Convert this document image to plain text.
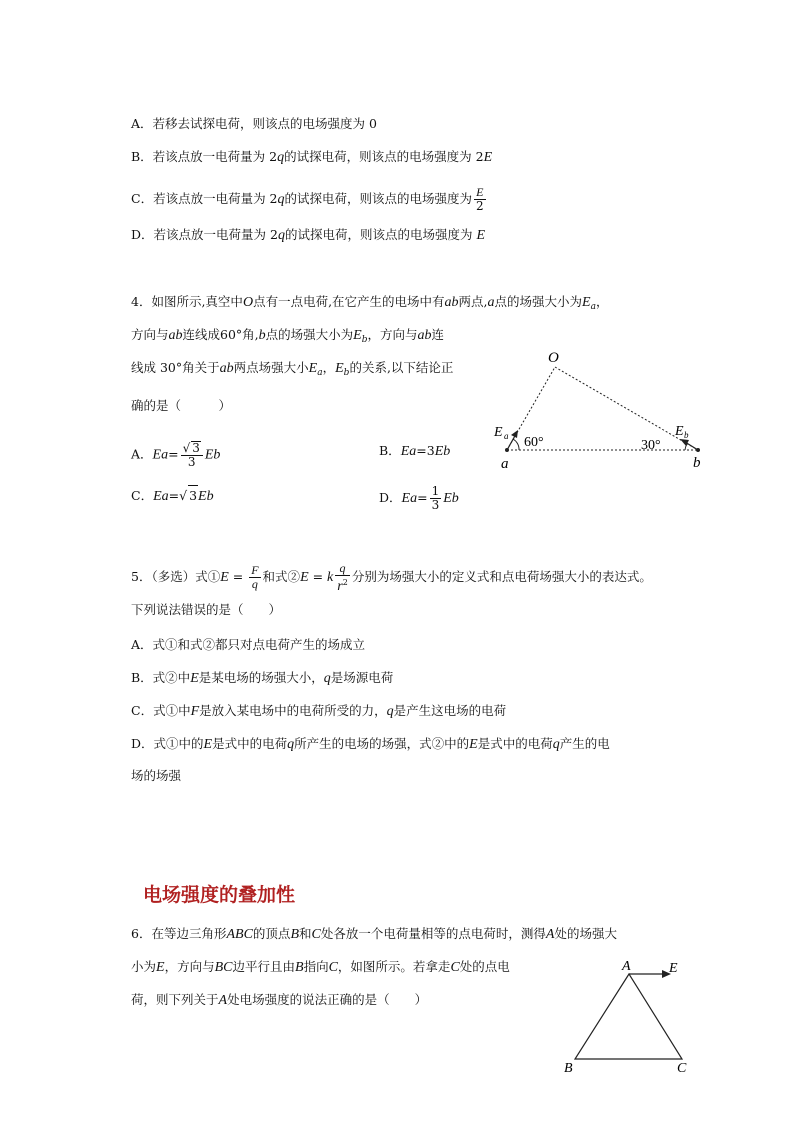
A．若移去试探电荷，则该点的电场强度为 0
B．若该点放一电荷量为 2q的试探电荷，则该点的电场强度为 2E
C．若该点放一电荷量为 2q的试探电荷，则该点的电场强度为 $\frac{E}{2}$
D．若该点放一电荷量为 2q的试探电荷，则该点的电场强度为 E
4．如图所示,真空中O点有一点电荷,在它产生的电场中有ab两点,a点的场强大小为$E_a$，
方向与ab连线成60°角,b点的场强大小为$E_b$，方向与ab连
线成 30°角关于ab两点场强大小$E_a$，$E_b$的关系,以下结论正
确的是（　　　）
A．$Ea= \frac{√ 3}{3}$ Eb	B．Ea=3Eb
C．Ea=√ 3Eb	D．$Ea= \frac{1}{3}$ Eb
O
E a 60°	30°
E b
a	b
5．（多选）式①E = $\frac{F}{q}$ 和式②E = k $\frac{q}{r^2}$ 分别为场强大小的定义式和点电荷场强大小的表达式。
下列说法错误的是（　　）
A．式①和式②都只对点电荷产生的场成立
B．式②中E是某电场的场强大小，q是场源电荷
C．式①中F是放入某电场中的电荷所受的力，q是产生这电场的电荷
D．式①中的E是式中的电荷q所产生的电场的场强，式②中的E是式中的电荷q产生的电
场的场强
电场强度的叠加性
6．在等边三角形ABC的顶点B和C处各放一个电荷量相等的点电荷时，测得A处的场强大
小为E，方向与BC边平行且由B指向C，如图所示。若拿走C处的点电
荷，则下列关于A处电场强度的说法正确的是（　　）
A	E
B	C
